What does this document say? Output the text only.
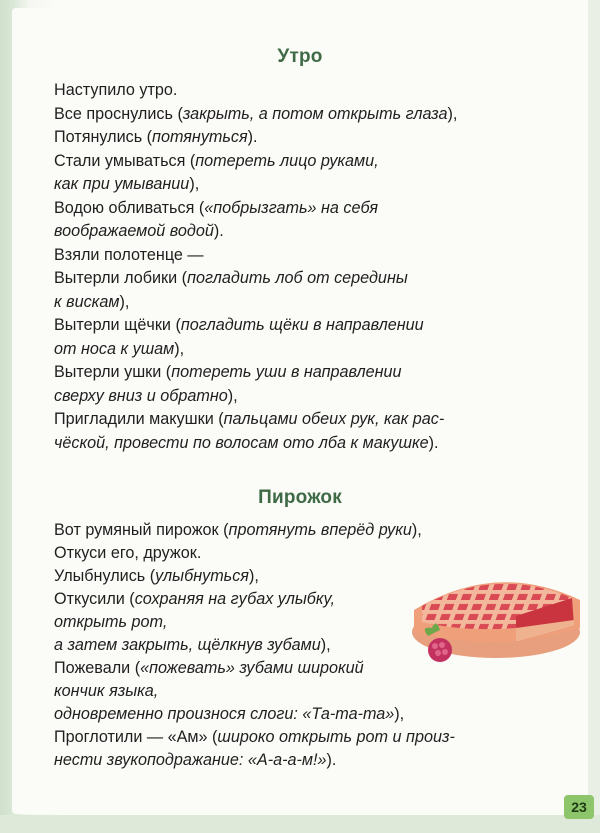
Утро
Наступило утро.
Все проснулись (закрыть, а потом открыть глаза),
Потянулись (потянуться).
Стали умываться (потереть лицо руками,
как при умывании),
Водою обливаться («побрызгать» на себя
воображаемой водой).
Взяли полотенце —
Вытерли лобики (погладить лоб от середины
к вискам),
Вытерли щёчки (погладить щёки в направлении
от носа к ушам),
Вытерли ушки (потереть уши в направлении
сверху вниз и обратно),
Пригладили макушки (пальцами обеих рук, как рас-
чёской, провести по волосам ото лба к макушке).
Пирожок
Вот румяный пирожок (протянуть вперёд руки),
Откуси его, дружок.
Улыбнулись (улыбнуться),
Откусили (сохраняя на губах улыбку,
открыть рот,
а затем закрыть, щёлкнув зубами),
Пожевали («пожевать» зубами широкий
кончик языка,
одновременно произнося слоги: «Та-та-та»),
Проглотили — «Ам» (широко открыть рот и произ-
нести звукоподражание: «А-а-а-м!»).
23
